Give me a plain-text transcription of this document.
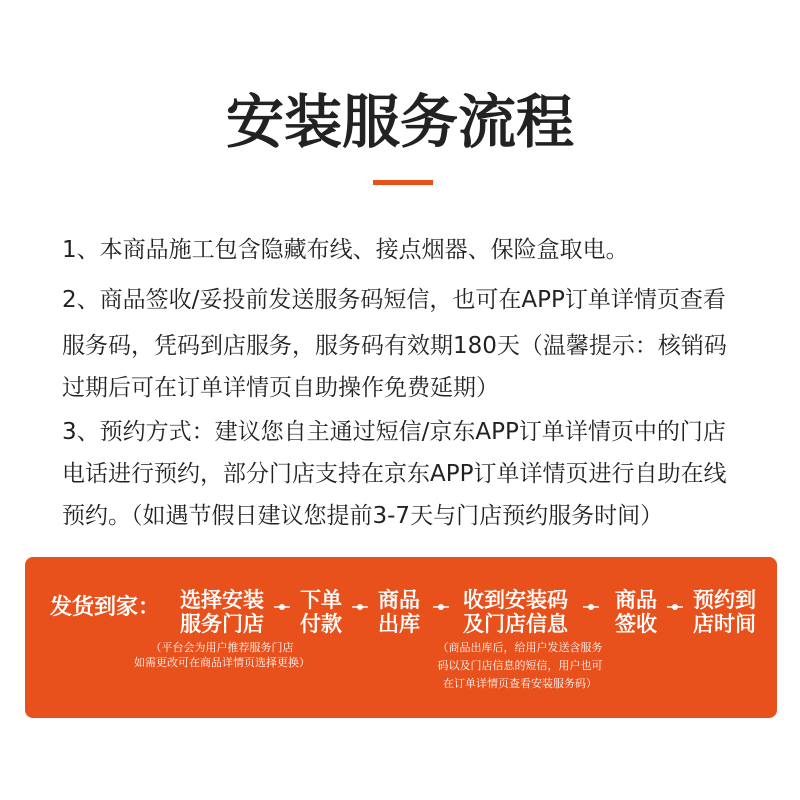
安装服务流程
1、本商品施工包含隐藏布线、接点烟器、保险盒取电。
2、商品签收/妥投前发送服务码短信，也可在APP订单详情页查看
服务码，凭码到店服务，服务码有效期180天（温馨提示：核销码
过期后可在订单详情页自助操作免费延期）
3、预约方式：建议您自主通过短信/京东APP订单详情页中的门店
电话进行预约，部分门店支持在京东APP订单详情页进行自助在线
预约。（如遇节假日建议您提前3-7天与门店预约服务时间）
发货到家： 选择安装
服务门店
下单
付款
商品
出库
收到安装码
及门店信息
商品
签收
预约到
店时间
（平台会为用户推荐服务门店
如需更改可在商品详情页选择更换）
（商品出库后，给用户发送含服务
码以及门店信息的短信，用户也可
在订单详情页查看安装服务码）
